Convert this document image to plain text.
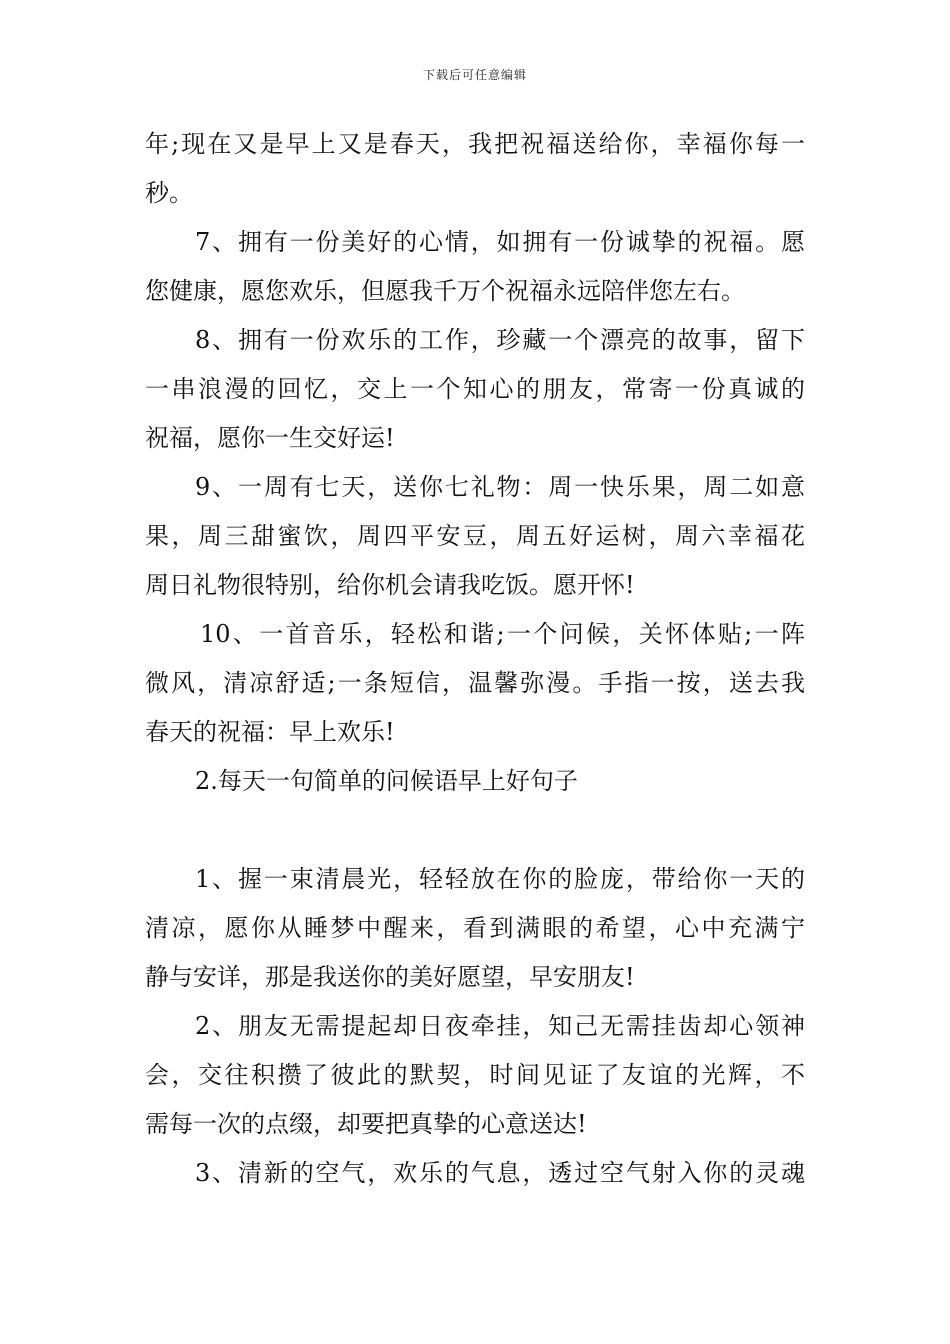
下载后可任意编辑
年;现在又是早上又是春天，我把祝福送给你，幸福你每一
秒。
7、拥有一份美好的心情，如拥有一份诚挚的祝福。愿
您健康，愿您欢乐，但愿我千万个祝福永远陪伴您左右。
8、拥有一份欢乐的工作，珍藏一个漂亮的故事，留下
一串浪漫的回忆，交上一个知心的朋友，常寄一份真诚的
祝福，愿你一生交好运!
9、一周有七天，送你七礼物：周一快乐果，周二如意
果，周三甜蜜饮，周四平安豆，周五好运树，周六幸福花
周日礼物很特别，给你机会请我吃饭。愿开怀!
10、一首音乐，轻松和谐;一个问候，关怀体贴;一阵
微风，清凉舒适;一条短信，温馨弥漫。手指一按，送去我
春天的祝福：早上欢乐!
2.每天一句简单的问候语早上好句子
1、握一束清晨光，轻轻放在你的脸庞，带给你一天的
清凉，愿你从睡梦中醒来，看到满眼的希望，心中充满宁
静与安详，那是我送你的美好愿望，早安朋友!
2、朋友无需提起却日夜牵挂，知己无需挂齿却心领神
会，交往积攒了彼此的默契，时间见证了友谊的光辉，不
需每一次的点缀，却要把真挚的心意送达!
3、清新的空气，欢乐的气息，透过空气射入你的灵魂
